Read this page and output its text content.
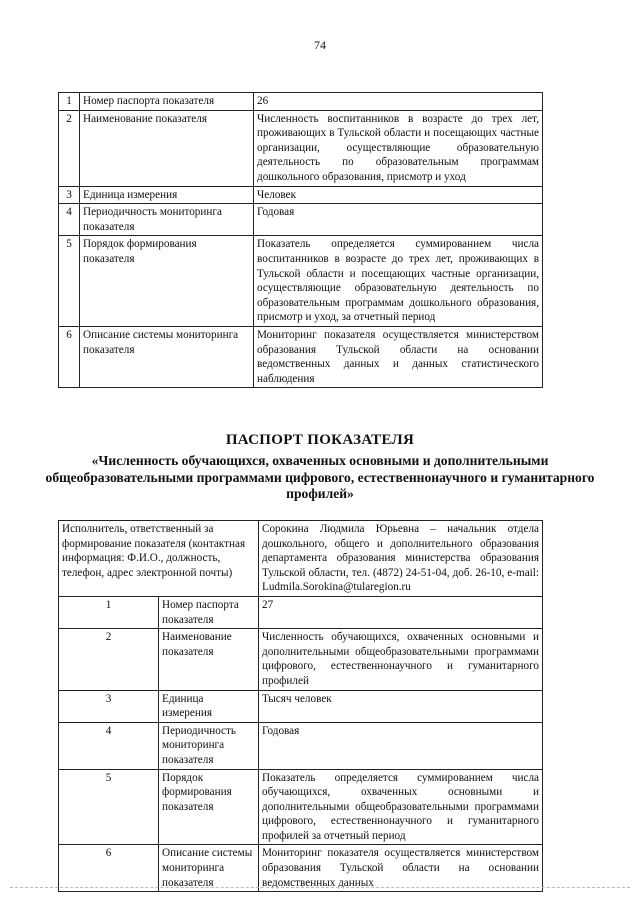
74
1	Номер паспорта показателя	26
2	Наименование показателя	Численность воспитанников в возрасте до трех лет, проживающих в Тульской области и посещающих частные организации, осуществляющие образовательную деятельность по образовательным программам дошкольного образования, присмотр и уход
3	Единица измерения	Человек
4	Периодичность мониторинга показателя	Годовая
5	Порядок формирования показателя	Показатель определяется суммированием числа воспитанников в возрасте до трех лет, проживающих в Тульской области и посещающих частные организации, осуществляющие образовательную деятельность по образовательным программам дошкольного образования, присмотр и уход, за отчетный период
6	Описание системы мониторинга показателя	Мониторинг показателя осуществляется министерством образования Тульской области на основании ведомственных данных и данных статистического наблюдения
ПАСПОРТ ПОКАЗАТЕЛЯ
«Численность обучающихся, охваченных основными и дополнительными общеобразовательными программами цифрового, естественнонаучного и гуманитарного профилей»
Исполнитель, ответственный за формирование показателя (контактная информация: Ф.И.О., должность, телефон, адрес электронной почты)		Сорокина Людмила Юрьевна – начальник отдела дошкольного, общего и дополнительного образования департамента образования министерства образования Тульской области, тел. (4872) 24-51-04, доб. 26-10, e-mail: Ludmila.Sorokina@tularegion.ru
1	Номер паспорта показателя	27
2	Наименование показателя	Численность обучающихся, охваченных основными и дополнительными общеобразовательными программами цифрового, естественнонаучного и гуманитарного профилей
3	Единица измерения	Тысяч человек
4	Периодичность мониторинга показателя	Годовая
5	Порядок формирования показателя	Показатель определяется суммированием числа обучающихся, охваченных основными и дополнительными общеобразовательными программами цифрового, естественнонаучного и гуманитарного профилей за отчетный период
6	Описание системы мониторинга показателя	Мониторинг показателя осуществляется министерством образования Тульской области на основании ведомственных данных
